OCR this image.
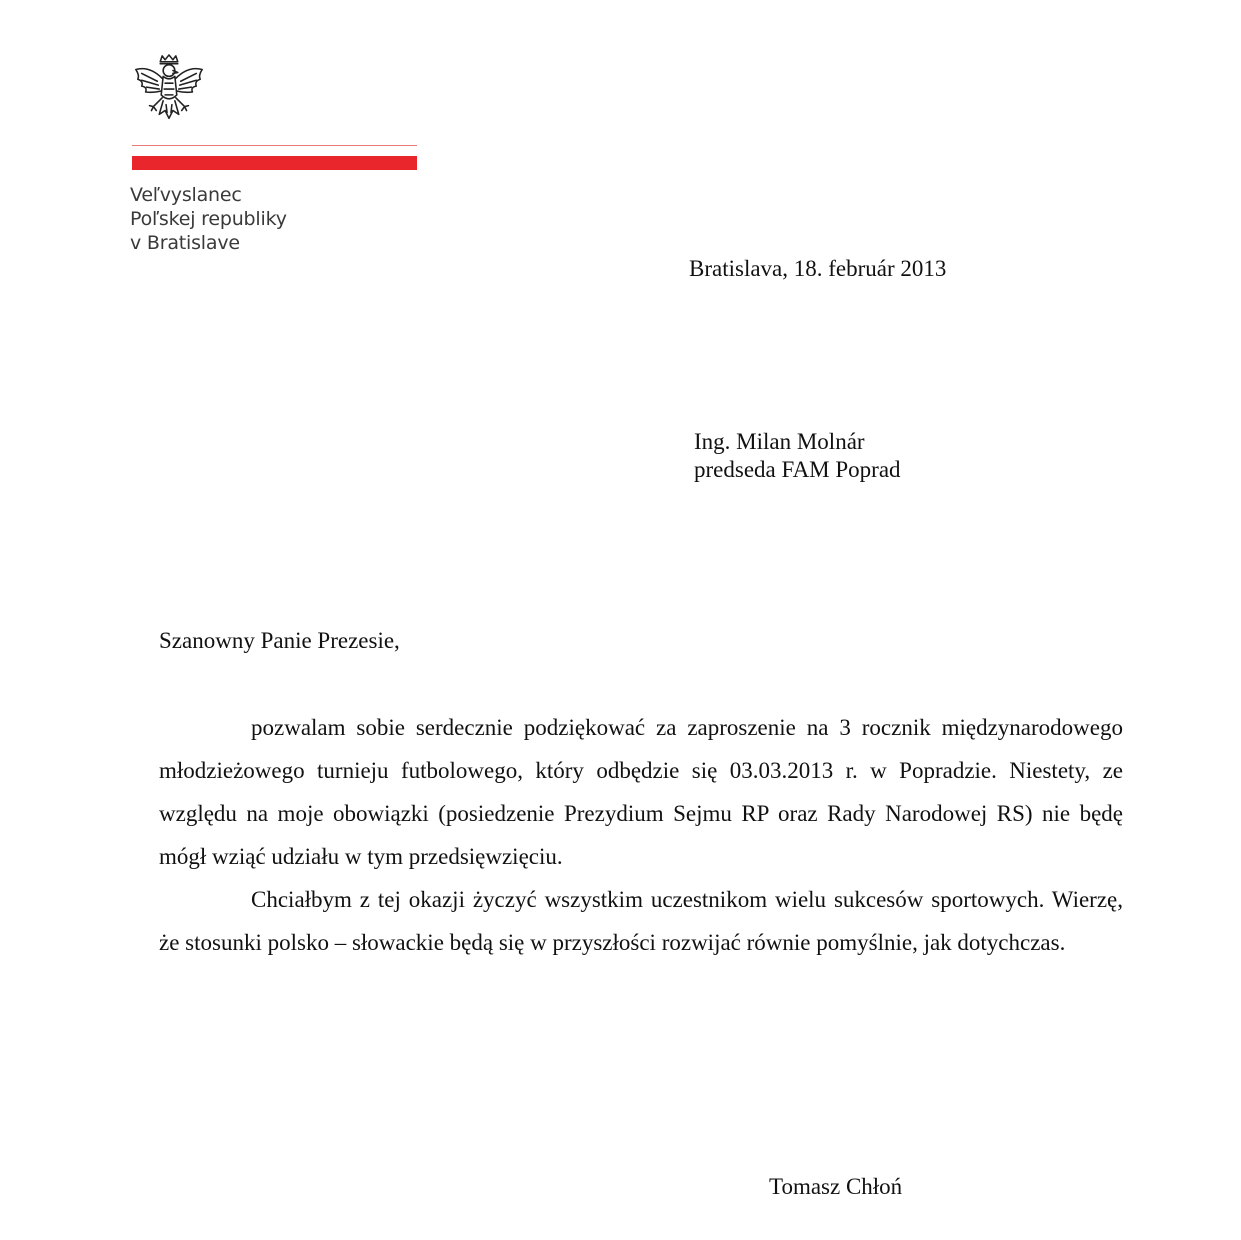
Veľvyslanec
Poľskej republiky
v Bratislave
Bratislava, 18. február 2013
Ing. Milan Molnár
predseda FAM Poprad
Szanowny Panie Prezesie,

pozwalam sobie serdecznie podziękować za zaproszenie na 3 rocznik międzynarodowego młodzieżowego turnieju futbolowego, który odbędzie się 03.03.2013 r. w Popradzie. Niestety, ze względu na moje obowiązki (posiedzenie Prezydium Sejmu RP oraz Rady Narodowej RS) nie będę mógł wziąć udziału w tym przedsięwzięciu.

Chciałbym z tej okazji życzyć wszystkim uczestnikom wielu sukcesów sportowych. Wierzę, że stosunki polsko – słowackie będą się w przyszłości rozwijać równie pomyślnie, jak dotychczas.

Tomasz Chłoń
